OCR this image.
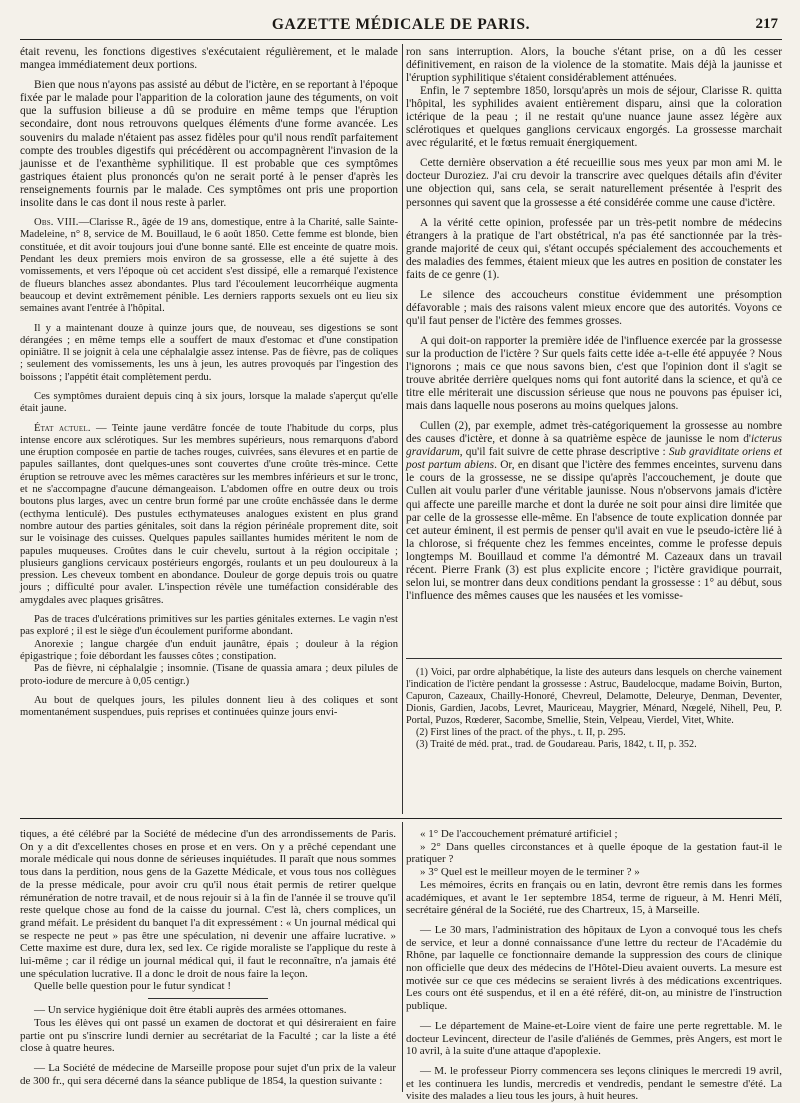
GAZETTE MÉDICALE DE PARIS.	217

était revenu, les fonctions digestives s'exécutaient régulièrement, et le malade mangea immédiatement deux portions.

Bien que nous n'ayons pas assisté au début de l'ictère, en se reportant à l'époque fixée par le malade pour l'apparition de la coloration jaune des téguments, on voit que la suffusion bilieuse a dû se produire en même temps que l'éruption secondaire, dont nous retrouvons quelques éléments d'une forme avancée. Les souvenirs du malade n'étaient pas assez fidèles pour qu'il nous rendît parfaitement compte des troubles digestifs qui précédèrent ou accompagnèrent l'invasion de la jaunisse et de l'exanthème syphilitique. Il est probable que ces symptômes gastriques étaient plus prononcés qu'on ne serait porté à le penser d'après les renseignements fournis par le malade. Ces symptômes ont pris une proportion insolite dans le cas dont il nous reste à parler.

Obs. VIII.—Clarisse R., âgée de 19 ans, domestique, entre à la Charité, salle Sainte-Madeleine, n° 8, service de M. Bouillaud, le 6 août 1850. Cette femme est blonde, bien constituée, et dit avoir toujours joui d'une bonne santé. Elle est enceinte de quatre mois. Pendant les deux premiers mois environ de sa grossesse, elle a été sujette à des vomissements, et vers l'époque où cet accident s'est dissipé, elle a remarqué l'existence de flueurs blanches assez abondantes. Plus tard l'écoulement leucorrhéique augmenta beaucoup et devint extrêmement pénible. Les derniers rapports sexuels ont eu lieu six semaines avant l'entrée à l'hôpital.

Il y a maintenant douze à quinze jours que, de nouveau, ses digestions se sont dérangées ; en même temps elle a souffert de maux d'estomac et d'une constipation opiniâtre. Il se joignit à cela une céphalalgie assez intense. Pas de fièvre, pas de coliques ; seulement des vomissements, les uns à jeun, les autres provoqués par l'ingestion des boissons ; l'appétit était complètement perdu.

Ces symptômes duraient depuis cinq à six jours, lorsque la malade s'aperçut qu'elle était jaune.

État actuel. — Teinte jaune verdâtre foncée de toute l'habitude du corps, plus intense encore aux sclérotiques. Sur les membres supérieurs, nous remarquons d'abord une éruption composée en partie de taches rouges, cuivrées, sans élevures et en partie de papules saillantes, dont quelques-unes sont couvertes d'une croûte très-mince. Cette éruption se retrouve avec les mêmes caractères sur les membres inférieurs et sur le tronc, et ne s'accompagne d'aucune démangeaison. L'abdomen offre en outre deux ou trois boutons plus larges, avec un centre brun formé par une croûte enchâssée dans le derme (ecthyma lenticulé). Des pustules ecthymateuses analogues existent en plus grand nombre autour des parties génitales, soit dans la région périnéale proprement dite, soit sur le voisinage des cuisses. Quelques papules saillantes humides méritent le nom de papules muqueuses. Croûtes dans le cuir chevelu, surtout à la région occipitale ; plusieurs ganglions cervicaux postérieurs engorgés, roulants et un peu douloureux à la pression. Les cheveux tombent en abondance. Douleur de gorge depuis trois ou quatre jours ; difficulté pour avaler. L'inspection révèle une tuméfaction considérable des amygdales avec plaques grisâtres.

Pas de traces d'ulcérations primitives sur les parties génitales externes. Le vagin n'est pas exploré ; il est le siège d'un écoulement puriforme abondant.

Anorexie ; langue chargée d'un enduit jaunâtre, épais ; douleur à la région épigastrique ; foie débordant les fausses côtes ; constipation.

Pas de fièvre, ni céphalalgie ; insomnie. (Tisane de quassia amara ; deux pilules de proto-iodure de mercure à 0,05 centigr.)

Au bout de quelques jours, les pilules donnent lieu à des coliques et sont momentanément suspendues, puis reprises et continuées quinze jours envi-

ron sans interruption. Alors, la bouche s'étant prise, on a dû les cesser définitivement, en raison de la violence de la stomatite. Mais déjà la jaunisse et l'éruption syphilitique s'étaient considérablement atténuées.

Enfin, le 7 septembre 1850, lorsqu'après un mois de séjour, Clarisse R. quitta l'hôpital, les syphilides avaient entièrement disparu, ainsi que la coloration ictérique de la peau ; il ne restait qu'une nuance jaune assez légère aux sclérotiques et quelques ganglions cervicaux engorgés. La grossesse marchait avec régularité, et le fœtus remuait énergiquement.

Cette dernière observation a été recueillie sous mes yeux par mon ami M. le docteur Duroziez. J'ai cru devoir la transcrire avec quelques détails afin d'éviter une objection qui, sans cela, se serait naturellement présentée à l'esprit des personnes qui savent que la grossesse a été considérée comme une cause d'ictère.

A la vérité cette opinion, professée par un très-petit nombre de médecins étrangers à la pratique de l'art obstétrical, n'a pas été sanctionnée par la très-grande majorité de ceux qui, s'étant occupés spécialement des accouchements et des maladies des femmes, étaient mieux que les autres en position de constater les faits de ce genre (1).

Le silence des accoucheurs constitue évidemment une présomption défavorable ; mais des raisons valent mieux encore que des autorités. Voyons ce qu'il faut penser de l'ictère des femmes grosses.

A qui doit-on rapporter la première idée de l'influence exercée par la grossesse sur la production de l'ictère ? Sur quels faits cette idée a-t-elle été appuyée ? Nous l'ignorons ; mais ce que nous savons bien, c'est que l'opinion dont il s'agit se trouve abritée derrière quelques noms qui font autorité dans la science, et qu'à ce titre elle mériterait une discussion sérieuse que nous ne pouvons pas épuiser ici, mais dans laquelle nous poserons au moins quelques jalons.

Cullen (2), par exemple, admet très-catégoriquement la grossesse au nombre des causes d'ictère, et donne à sa quatrième espèce de jaunisse le nom d'icterus gravidarum, qu'il fait suivre de cette phrase descriptive : Sub graviditate oriens et post partum abiens. Or, en disant que l'ictère des femmes enceintes, survenu dans le cours de la grossesse, ne se dissipe qu'après l'accouchement, je doute que Cullen ait voulu parler d'une véritable jaunisse. Nous n'observons jamais d'ictère qui affecte une pareille marche et dont la durée ne soit pour ainsi dire limitée que par celle de la grossesse elle-même. En l'absence de toute explication donnée par cet auteur éminent, il est permis de penser qu'il avait en vue le pseudo-ictère lié à la chlorose, si fréquente chez les femmes enceintes, comme le professe depuis longtemps M. Bouillaud et comme l'a démontré M. Cazeaux dans un travail récent. Pierre Frank (3) est plus explicite encore ; l'ictère gravidique pourrait, selon lui, se montrer dans deux conditions pendant la grossesse : 1° au début, sous l'influence des mêmes causes que les nausées et les vomisse-

(1) Voici, par ordre alphabétique, la liste des auteurs dans lesquels on cherche vainement l'indication de l'ictère pendant la grossesse : Astruc, Baudelocque, madame Boivin, Burton, Capuron, Cazeaux, Chailly-Honoré, Chevreul, Delamotte, Deleurye, Denman, Deventer, Dionis, Gardien, Jacobs, Levret, Mauriceau, Maygrier, Ménard, Nœgelé, Nihell, Peu, P. Portal, Puzos, Rœderer, Sacombe, Smellie, Stein, Velpeau, Vierdel, Vitet, White.

(2) First lines of the pract. of the phys., t. II, p. 295.

(3) Traité de méd. prat., trad. de Goudareau. Paris, 1842, t. II, p. 352.

tiques, a été célébré par la Société de médecine d'un des arrondissements de Paris. On y a dit d'excellentes choses en prose et en vers. On y a prêché cependant une morale médicale qui nous donne de sérieuses inquiétudes. Il paraît que nous sommes tous dans la perdition, nous gens de la Gazette Médicale, et vous tous nos collègues de la presse médicale, pour avoir cru qu'il nous était permis de retirer quelque rémunération de notre travail, et de nous rejouir si à la fin de l'année il se trouve qu'il reste quelque chose au fond de la caisse du journal. C'est là, chers complices, un grand méfait. Le président du banquet l'a dit expressément : « Un journal médical qui se respecte ne peut » pas être une spéculation, ni devenir une affaire lucrative. » Cette maxime est dure, dura lex, sed lex. Ce rigide moraliste se l'applique du reste à lui-même ; car il rédige un journal médical qui, il faut le reconnaître, n'a jamais été une spéculation lucrative. Il a donc le droit de nous faire la leçon.

Quelle belle question pour le futur syndicat !

— Un service hygiénique doit être établi auprès des armées ottomanes.

Tous les élèves qui ont passé un examen de doctorat et qui désireraient en faire partie ont pu s'inscrire lundi dernier au secrétariat de la Faculté ; car la liste a été close à quatre heures.

— La Société de médecine de Marseille propose pour sujet d'un prix de la valeur de 300 fr., qui sera décerné dans la séance publique de 1854, la question suivante :

« 1° De l'accouchement prématuré artificiel ;

» 2° Dans quelles circonstances et à quelle époque de la gestation faut-il le pratiquer ?

» 3° Quel est le meilleur moyen de le terminer ? »

Les mémoires, écrits en français ou en latin, devront être remis dans les formes académiques, et avant le 1er septembre 1854, terme de rigueur, à M. Henri Mélî, secrétaire général de la Société, rue des Chartreux, 15, à Marseille.

— Le 30 mars, l'administration des hôpitaux de Lyon a convoqué tous les chefs de service, et leur a donné connaissance d'une lettre du recteur de l'Académie du Rhône, par laquelle ce fonctionnaire demande la suppression des cours de clinique non officielle que deux des médecins de l'Hôtel-Dieu avaient ouverts. La mesure est motivée sur ce que ces médecins se seraient livrés à des médications excentriques. Les cours ont été suspendus, et il en a été référé, dit-on, au ministre de l'instruction publique.

— Le département de Maine-et-Loire vient de faire une perte regrettable. M. le docteur Levincent, directeur de l'asile d'aliénés de Gemmes, près Angers, est mort le 10 avril, à la suite d'une attaque d'apoplexie.

— M. le professeur Piorry commencera ses leçons cliniques le mercredi 19 avril, et les continuera les lundis, mercredis et vendredis, pendant le semestre d'été. La visite des malades a lieu tous les jours, à huit heures.
